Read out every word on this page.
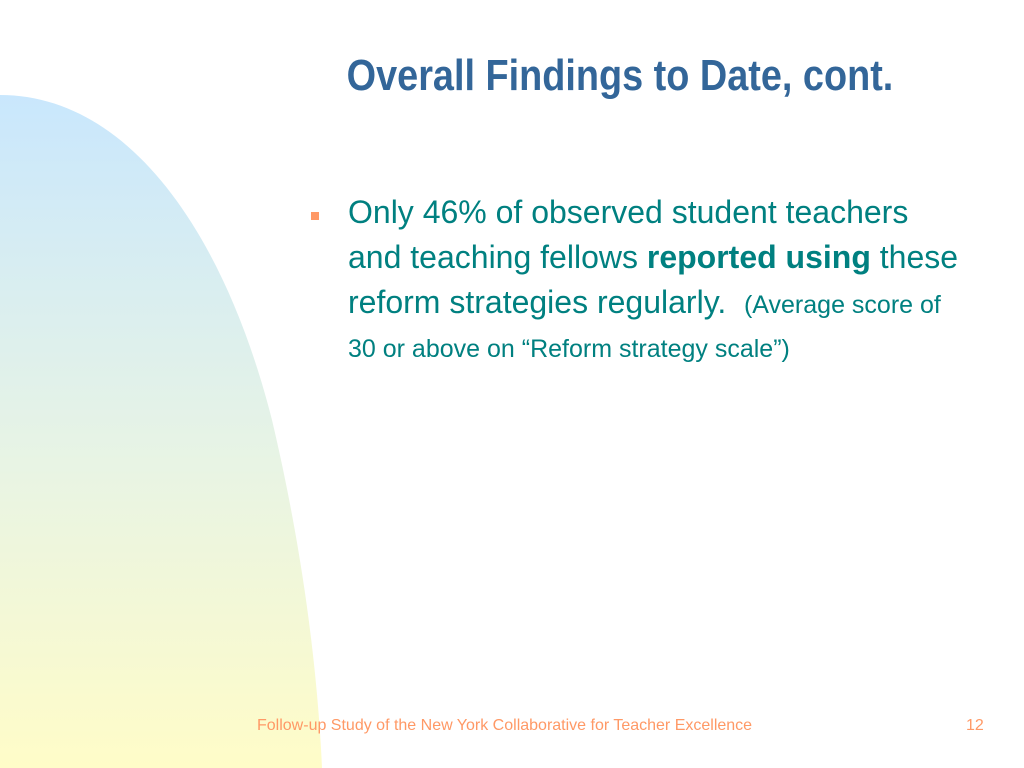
Overall Findings to Date, cont.

Only 46% of observed student teachers and teaching fellows reported using these reform strategies regularly. (Average score of 30 or above on “Reform strategy scale”)

Follow-up Study of the New York Collaborative for Teacher Excellence	12
